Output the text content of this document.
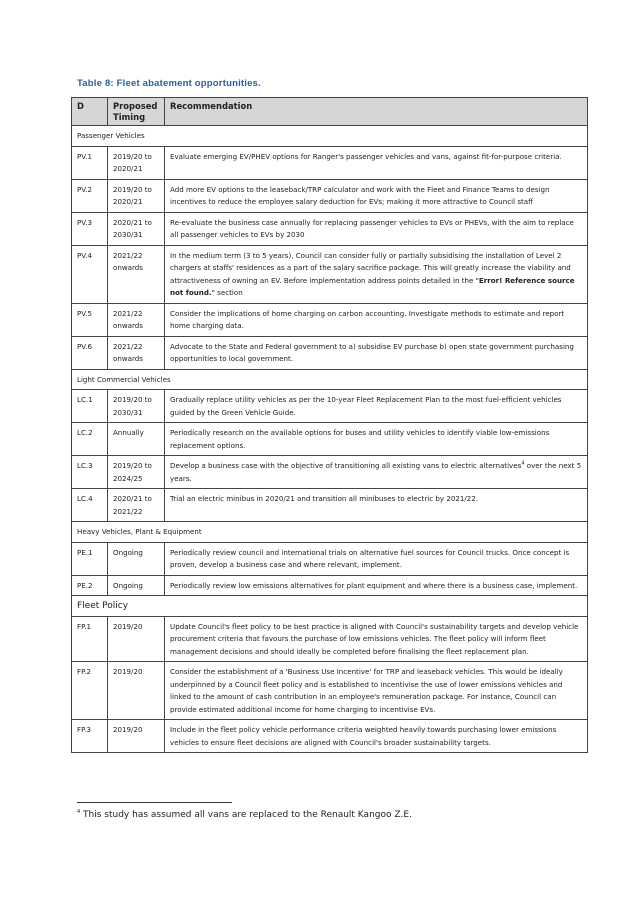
Table 8: Fleet abatement opportunities.
D	Proposed Timing	Recommendation
Passenger Vehicles		
PV.1	2019/20 to 2020/21	Evaluate emerging EV/PHEV options for Ranger's passenger vehicles and vans, against fit-for-purpose criteria.
PV.2	2019/20 to 2020/21	Add more EV options to the leaseback/TRP calculator and work with the Fleet and Finance Teams to design incentives to reduce the employee salary deduction for EVs; making it more attractive to Council staff
PV.3	2020/21 to 2030/31	Re-evaluate the business case annually for replacing passenger vehicles to EVs or PHEVs, with the aim to replace all passenger vehicles to EVs by 2030
PV.4	2021/22 onwards	In the medium term (3 to 5 years), Council can consider fully or partially subsidising the installation of Level 2 chargers at staffs' residences as a part of the salary sacrifice package. This will greatly increase the viability and attractiveness of owning an EV. Before implementation address points detailed in the "Error! Reference source not found." section
PV.5	2021/22 onwards	Consider the implications of home charging on carbon accounting. Investigate methods to estimate and report home charging data.
PV.6	2021/22 onwards	Advocate to the State and Federal government to a) subsidise EV purchase b) open state government purchasing opportunities to local government.
Light Commercial Vehicles		
LC.1	2019/20 to 2030/31	Gradually replace utility vehicles as per the 10-year Fleet Replacement Plan to the most fuel-efficient vehicles guided by the Green Vehicle Guide.
LC.2	Annually	Periodically research on the available options for buses and utility vehicles to identify viable low-emissions replacement options.
LC.3	2019/20 to 2024/25	Develop a business case with the objective of transitioning all existing vans to electric alternatives$^4$ over the next 5 years.
LC.4	2020/21 to 2021/22	Trial an electric minibus in 2020/21 and transition all minibuses to electric by 2021/22.
Heavy Vehicles, Plant & Equipment		
PE.1	Ongoing	Periodically review council and international trials on alternative fuel sources for Council trucks. Once concept is proven, develop a business case and where relevant, implement.
PE.2	Ongoing	Periodically review low emissions alternatives for plant equipment and where there is a business case, implement.
Fleet Policy		
FP.1	2019/20	Update Council's fleet policy to be best practice is aligned with Council's sustainability targets and develop vehicle procurement criteria that favours the purchase of low emissions vehicles. The fleet policy will inform fleet management decisions and should ideally be completed before finalising the fleet replacement plan.
FP.2	2019/20	Consider the establishment of a 'Business Use Incentive' for TRP and leaseback vehicles. This would be ideally underpinned by a Council fleet policy and is established to incentivise the use of lower emissions vehicles and linked to the amount of cash contribution in an employee's remuneration package. For instance, Council can provide estimated additional income for home charging to incentivise EVs.
FP.3	2019/20	Include in the fleet policy vehicle performance criteria weighted heavily towards purchasing lower emissions vehicles to ensure fleet decisions are aligned with Council's broader sustainability targets.
$^4$ This study has assumed all vans are replaced to the Renault Kangoo Z.E.
